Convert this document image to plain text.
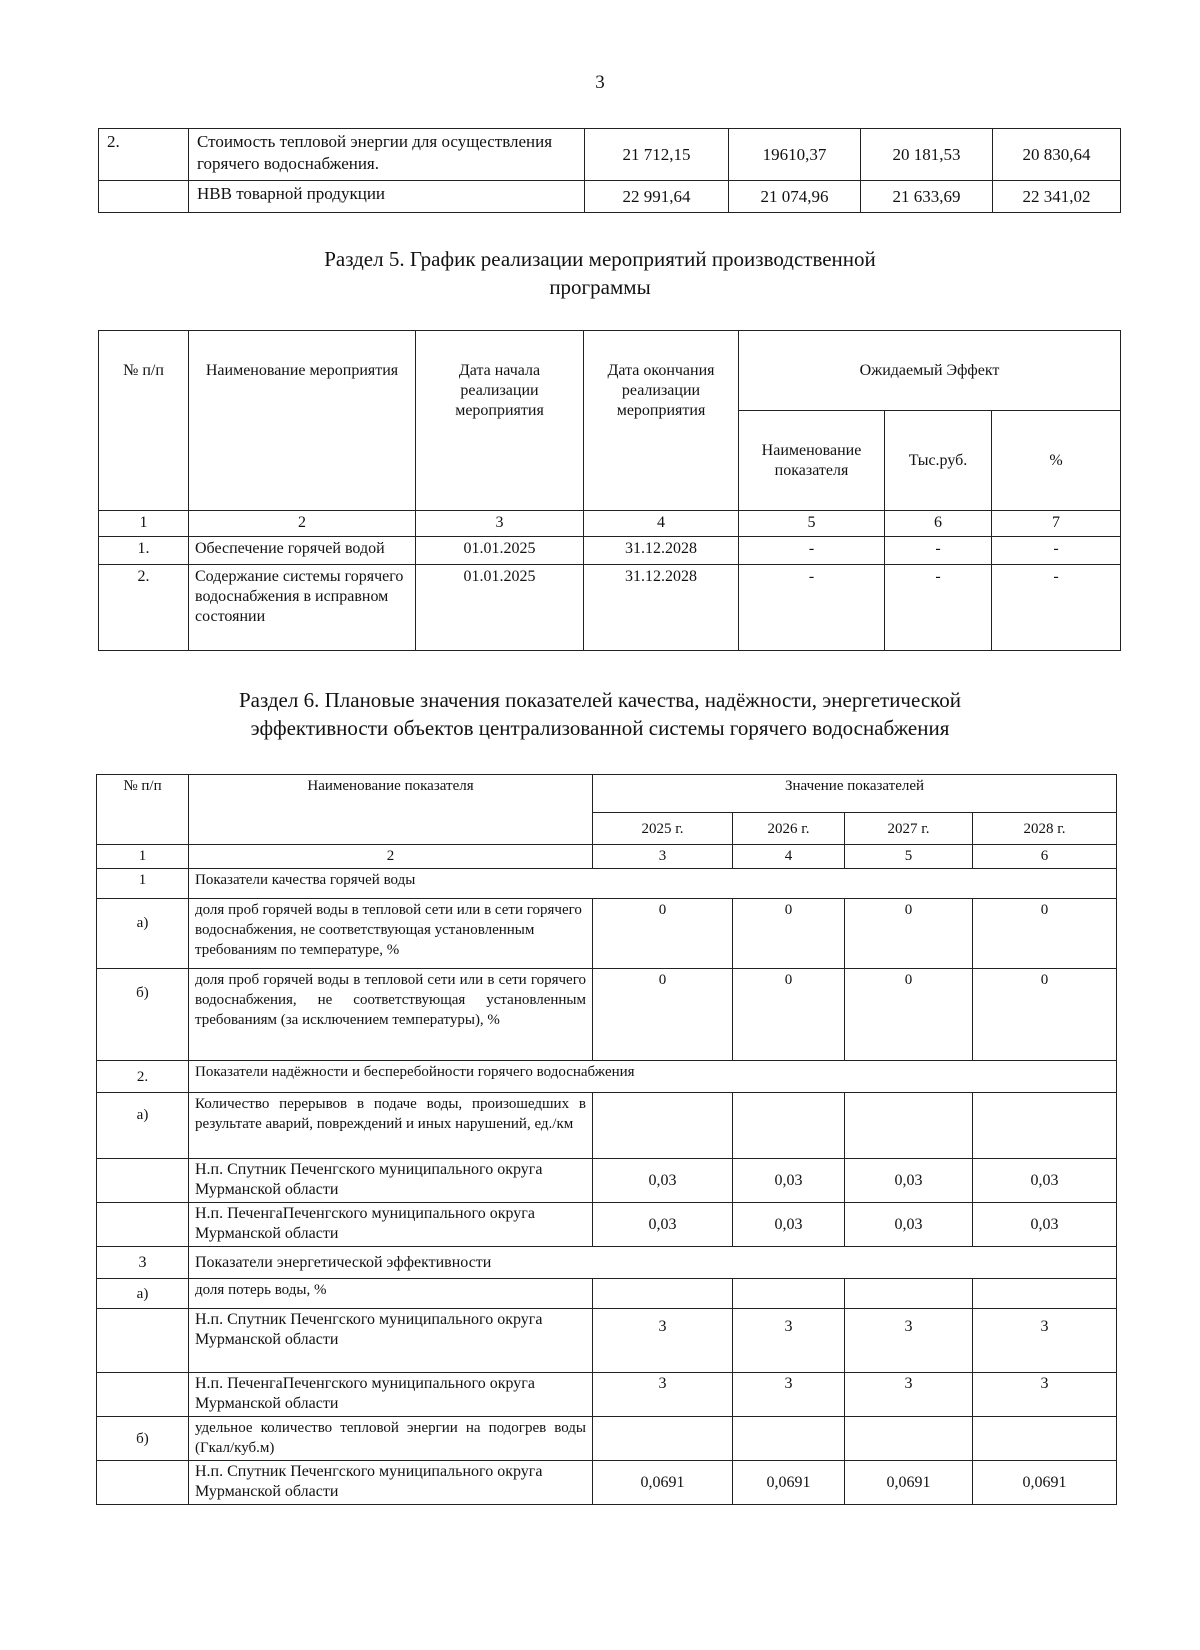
3
2.	Стоимость тепловой энергии для осуществления горячего водоснабжения.	21 712,15	19610,37	20 181,53	20 830,64
	НВВ товарной продукции	22 991,64	21 074,96	21 633,69	22 341,02
Раздел 5. График реализации мероприятий производственной
программы
№ п/п	Наименование мероприятия	Дата начала реализации мероприятия	Дата окончания реализации мероприятия	Ожидаемый Эффект		
				Наименование показателя	Тыс.руб.	%
1	2	3	4	5	6	7
1.	Обеспечение горячей водой	01.01.2025	31.12.2028	-	-	-
2.	Содержание системы горячего водоснабжения в исправном состоянии	01.01.2025	31.12.2028	-	-	-
Раздел 6. Плановые значения показателей качества, надёжности, энергетической
эффективности объектов централизованной системы горячего водоснабжения
№ п/п	Наименование показателя	Значение показателей			
		2025 г.	2026 г.	2027 г.	2028 г.
1	2	3	4	5	6
1	Показатели качества горячей воды				
а)	доля проб горячей воды в тепловой сети или в сети горячего водоснабжения, не соответствующая установленным требованиям по температуре, %	0	0	0	0
б)	доля проб горячей воды в тепловой сети или в сети горячего водоснабжения, не соответствующая установленным требованиям (за исключением температуры), %	0	0	0	0
2.	Показатели надёжности и бесперебойности горячего водоснабжения				
а)	Количество перерывов в подаче воды, произошедших в результате аварий, повреждений и иных нарушений, ед./км				
	Н.п. Спутник Печенгского муниципального округа Мурманской области	0,03	0,03	0,03	0,03
	Н.п. ПеченгаПеченгского муниципального округа Мурманской области	0,03	0,03	0,03	0,03
3	Показатели энергетической эффективности				
а)	доля потерь воды, %				
	Н.п. Спутник Печенгского муниципального округа Мурманской области	3	3	3	3
	Н.п. ПеченгаПеченгского муниципального округа Мурманской области	3	3	3	3
б)	удельное количество тепловой энергии на подогрев воды (Гкал/куб.м)				
	Н.п. Спутник Печенгского муниципального округа Мурманской области	0,0691	0,0691	0,0691	0,0691
